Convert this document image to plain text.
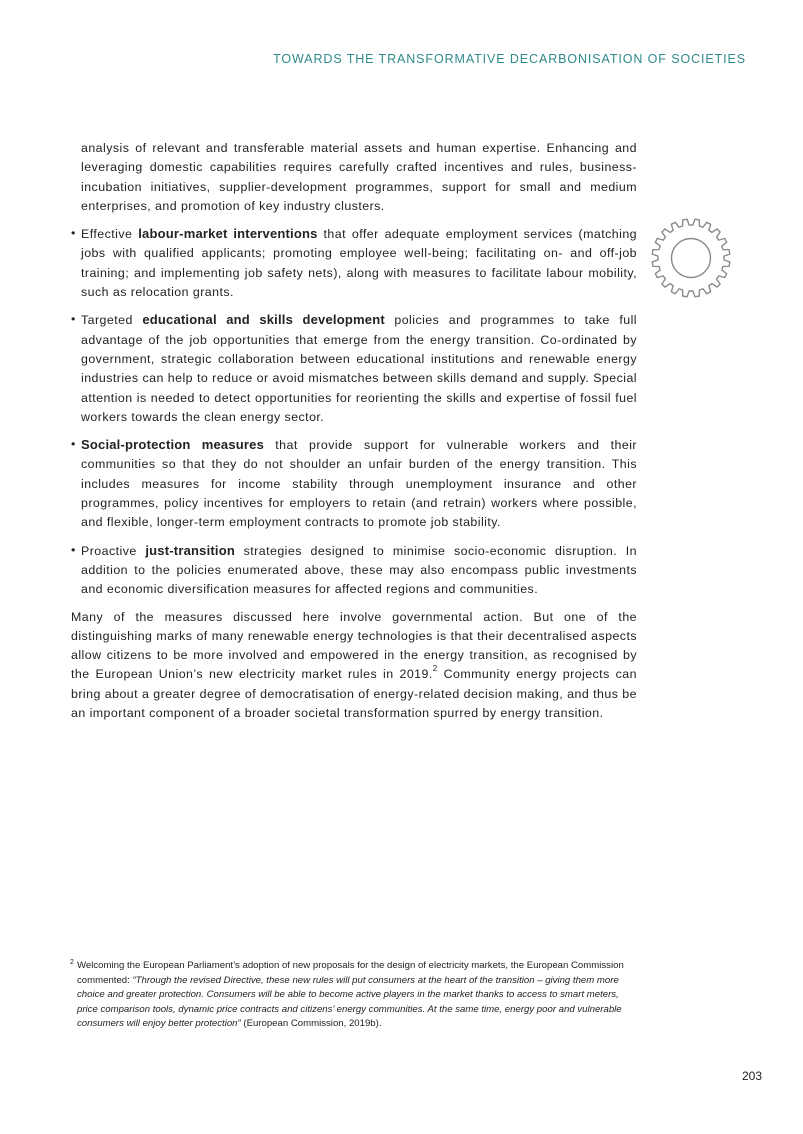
TOWARDS THE TRANSFORMATIVE DECARBONISATION OF SOCIETIES

analysis of relevant and transferable material assets and human expertise. Enhancing and leveraging domestic capabilities requires carefully crafted incentives and rules, business-incubation initiatives, supplier-development programmes, support for small and medium enterprises, and promotion of key industry clusters.

• Effective labour-market interventions that offer adequate employment services (matching jobs with qualified applicants; promoting employee well-being; facilitating on- and off-job training; and implementing job safety nets), along with measures to facilitate labour mobility, such as relocation grants.

• Targeted educational and skills development policies and programmes to take full advantage of the job opportunities that emerge from the energy transition. Co-ordinated by government, strategic collaboration between educational institutions and renewable energy industries can help to reduce or avoid mismatches between skills demand and supply. Special attention is needed to detect opportunities for reorienting the skills and expertise of fossil fuel workers towards the clean energy sector.

• Social-protection measures that provide support for vulnerable workers and their communities so that they do not shoulder an unfair burden of the energy transition. This includes measures for income stability through unemployment insurance and other programmes, policy incentives for employers to retain (and retrain) workers where possible, and flexible, longer-term employment contracts to promote job stability.

• Proactive just-transition strategies designed to minimise socio-economic disruption. In addition to the policies enumerated above, these may also encompass public investments and economic diversification measures for affected regions and communities.

Many of the measures discussed here involve governmental action. But one of the distinguishing marks of many renewable energy technologies is that their decentralised aspects allow citizens to be more involved and empowered in the energy transition, as recognised by the European Union’s new electricity market rules in 2019.$^2$ Community energy projects can bring about a greater degree of democratisation of energy-related decision making, and thus be an important component of a broader societal transformation spurred by energy transition.

$^2$ Welcoming the European Parliament’s adoption of new proposals for the design of electricity markets, the European Commission commented: “Through the revised Directive, these new rules will put consumers at the heart of the transition – giving them more choice and greater protection. Consumers will be able to become active players in the market thanks to access to smart meters, price comparison tools, dynamic price contracts and citizens’ energy communities. At the same time, energy poor and vulnerable consumers will enjoy better protection” (European Commission, 2019b).

203
